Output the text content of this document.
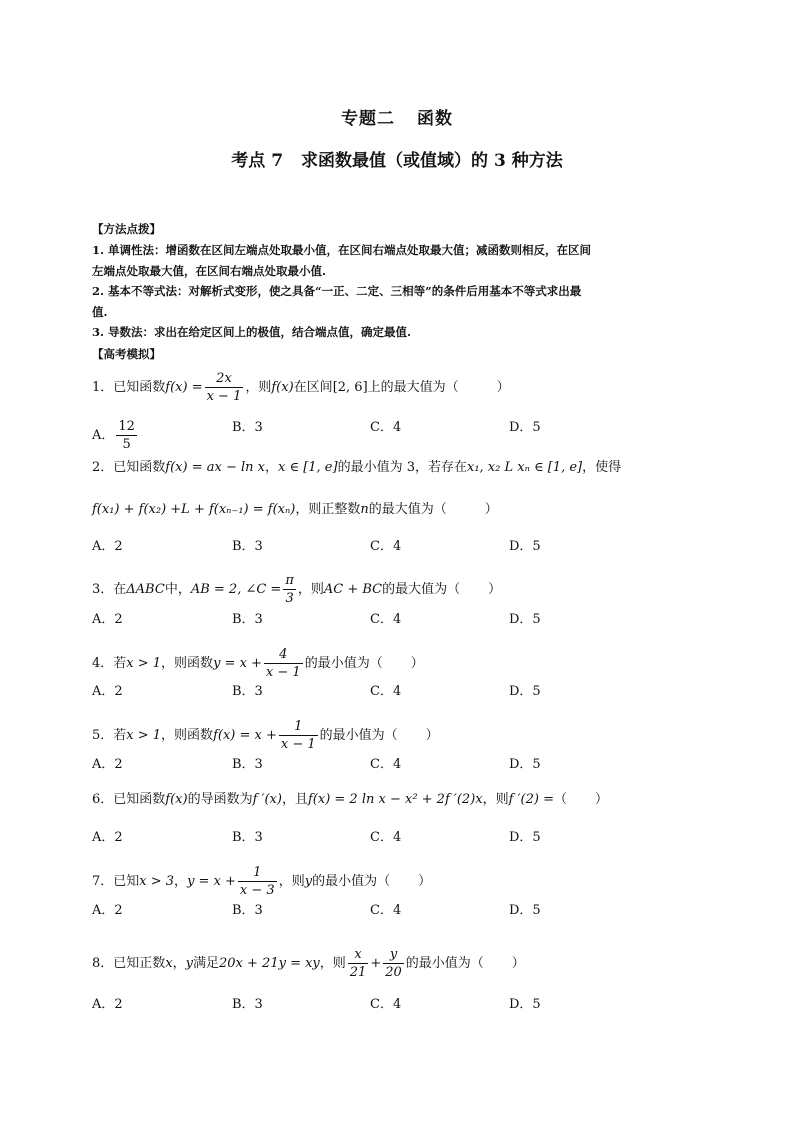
专题二 函数
考点 7 求函数最值（或值域）的 3 种方法
【方法点拨】
1. 单调性法：增函数在区间左端点处取最小值，在区间右端点处取最大值；减函数则相反，在区间
左端点处取最大值，在区间右端点处取最小值.
2. 基本不等式法：对解析式变形，使之具备“一正、二定、三相等”的条件后用基本不等式求出最
值.
3. 导数法：求出在给定区间上的极值，结合端点值，确定最值.
【高考模拟】
1．已知函数$f(x) = \frac{2x}{x - 1}$ ，则f(x)在区间[2, 6]上的最大值为（	）
A． $\frac{12}{5}$	B．3	C．4	D．5
2．已知函数f(x) = ax − ln x，x ∈ [1, e]的最小值为 3，若存在x₁, x₂ L xₙ ∈ [1, e]，使得
f(x₁) + f(x₂) +L + f(xₙ₋₁) = f(xₙ)，则正整数n的最大值为（	）
A．2	B．3	C．4	D．5
3．在ΔABC中，AB = 2, ∠C = $\frac{\pi}{3}$ ，则AC + BC的最大值为（ ）
A．2	B．3	C．4	D．5
4．若x > 1，则函数$y = x + \frac{4}{x - 1}$ 的最小值为（ ）
A．2	B．3	C．4	D．5
5．若x > 1，则函数$f(x) = x + \frac{1}{x - 1}$ 的最小值为（ ）
A．2	B．3	C．4	D．5
6．已知函数f(x)的导函数为f ′(x)，且f(x) = 2 ln x − x² + 2f ′(2)x，则f ′(2) =（ ）
A．2	B．3	C．4	D．5
7．已知x > 3，$y = x + \frac{1}{x - 3}$ ，则y的最小值为（ ）
A．2	B．3	C．4	D．5
8．已知正数x，y满足20x + 21y = xy，则 $\frac{x}{21} + \frac{y}{20}$ 的最小值为（ ）
A．2	B．3	C．4	D．5
